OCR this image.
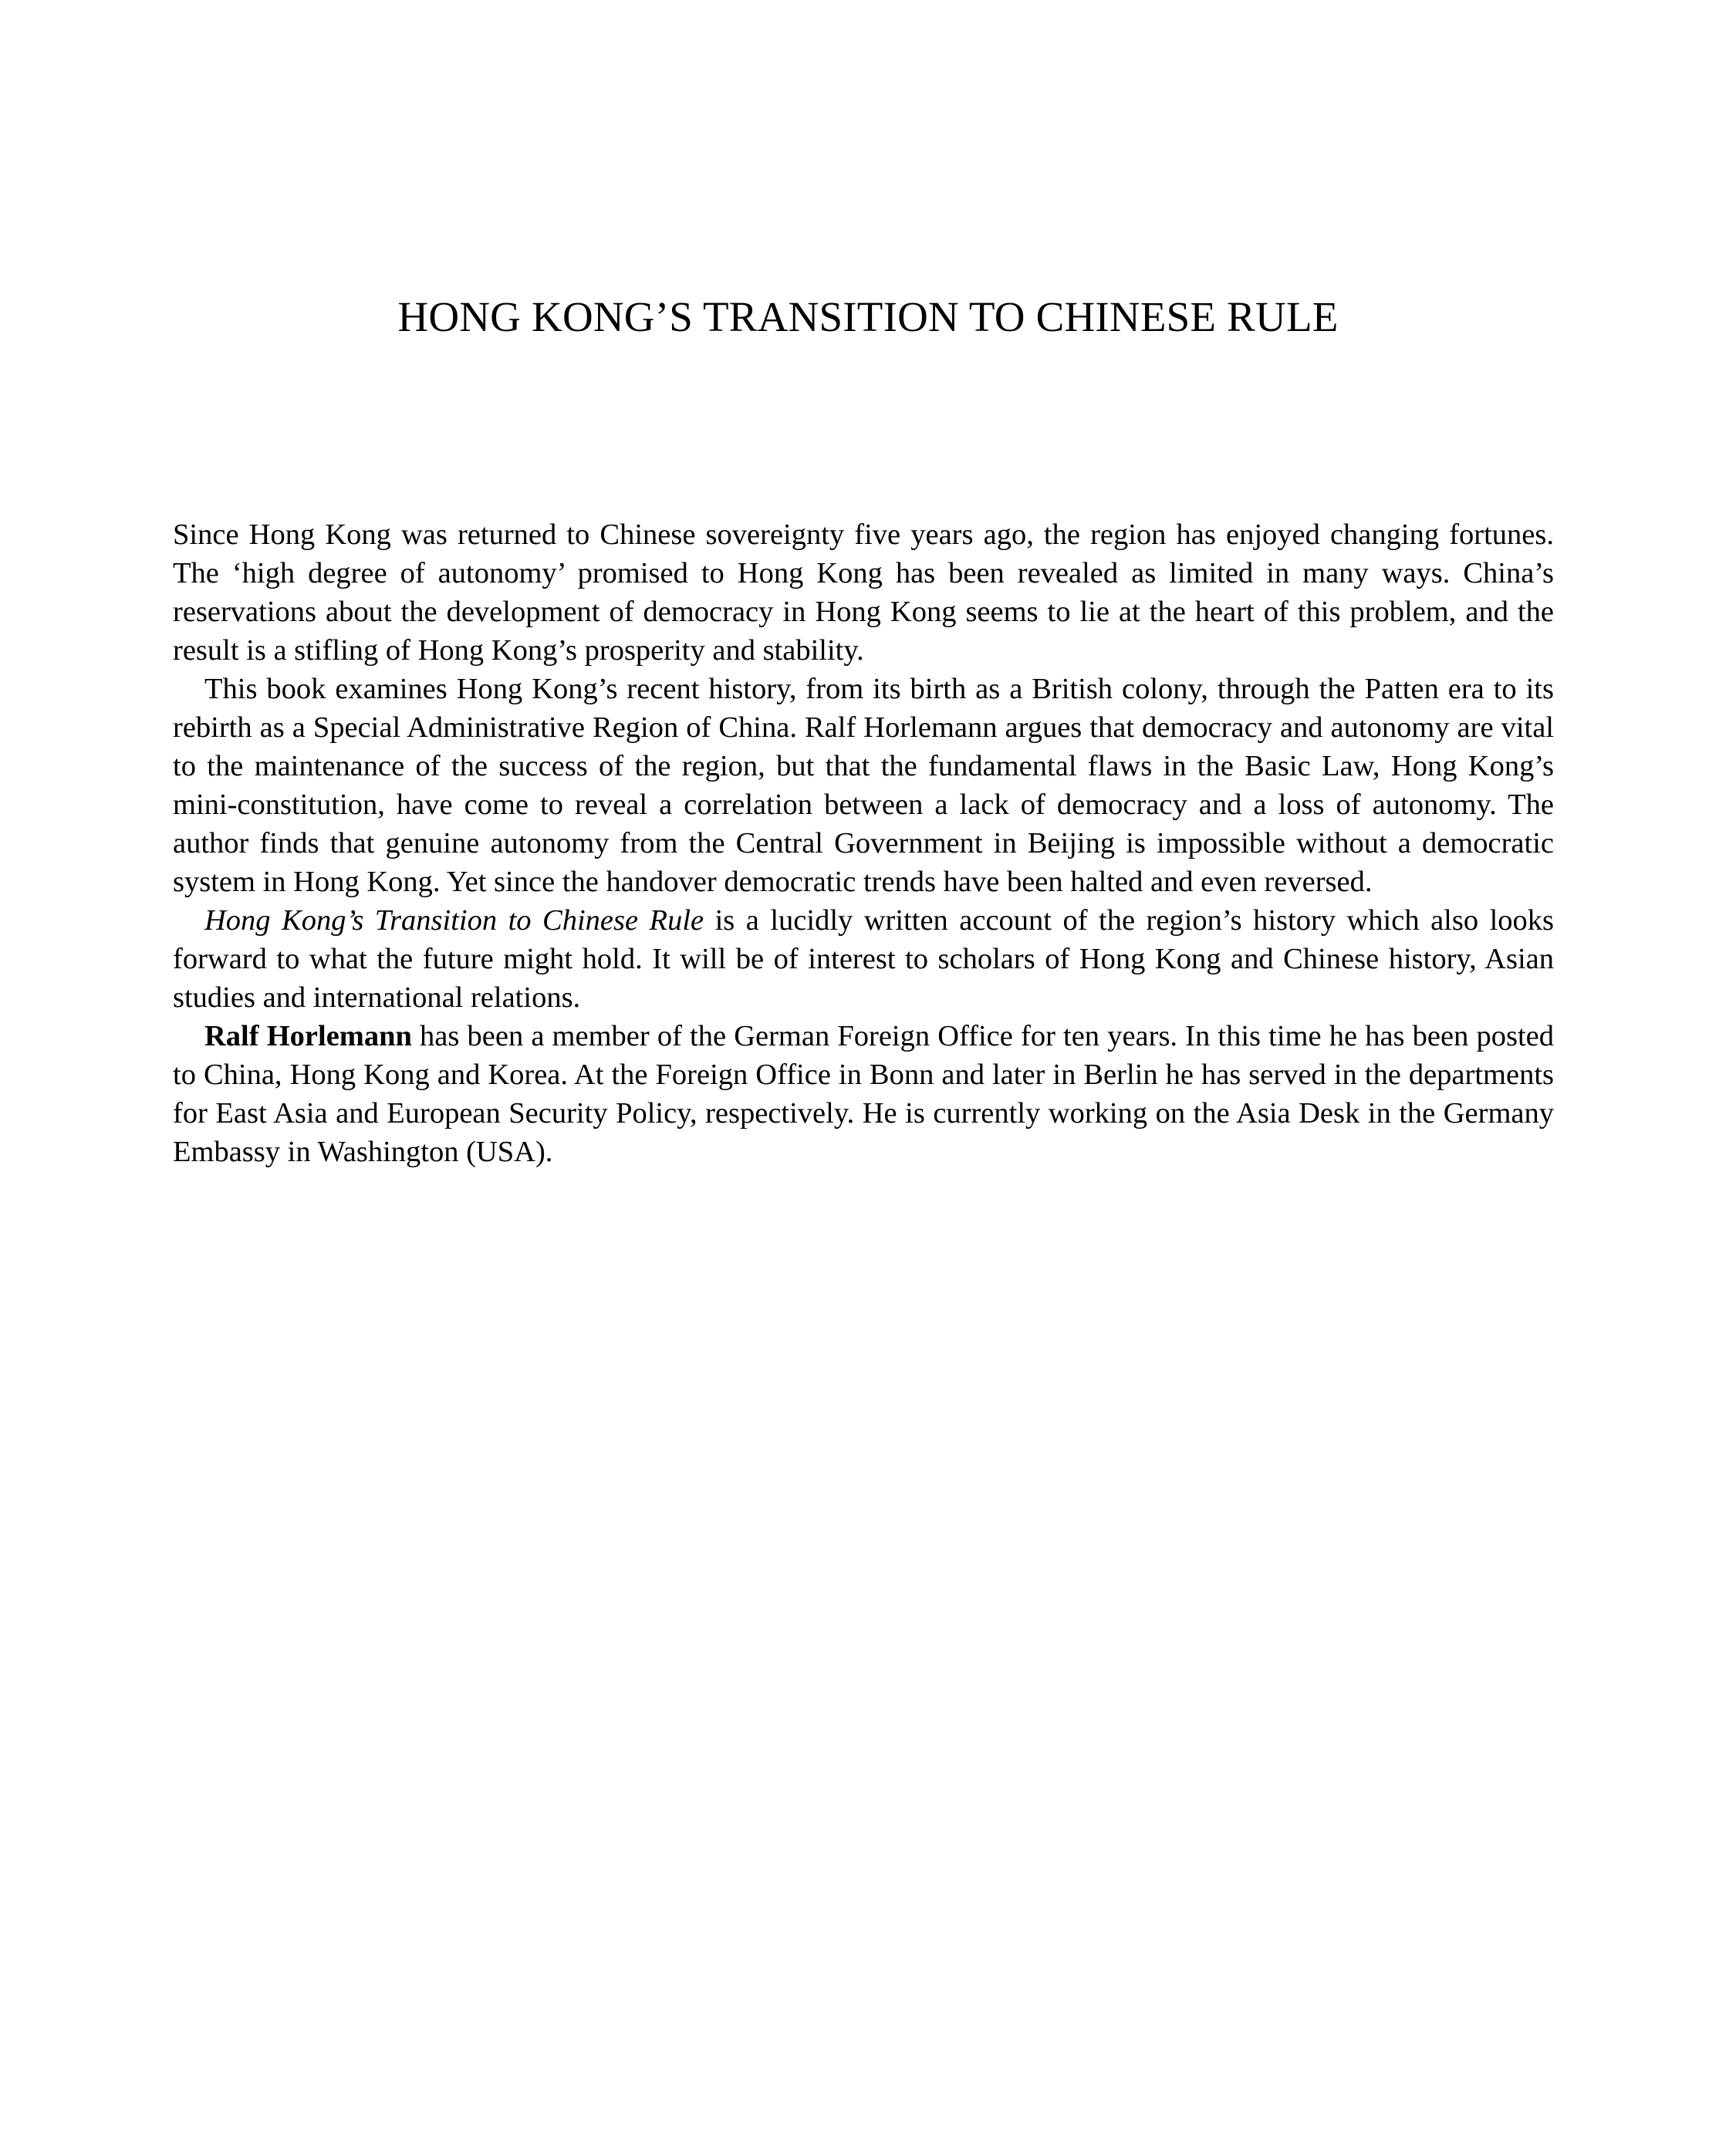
HONG KONG’S TRANSITION TO CHINESE RULE

Since Hong Kong was returned to Chinese sovereignty five years ago, the region has enjoyed changing fortunes. The ‘high degree of autonomy’ promised to Hong Kong has been revealed as limited in many ways. China’s reservations about the development of democracy in Hong Kong seems to lie at the heart of this problem, and the result is a stifling of Hong Kong’s prosperity and stability.

This book examines Hong Kong’s recent history, from its birth as a British colony, through the Patten era to its rebirth as a Special Administrative Region of China. Ralf Horlemann argues that democracy and autonomy are vital to the maintenance of the success of the region, but that the fundamental flaws in the Basic Law, Hong Kong’s mini-constitution, have come to reveal a correlation between a lack of democracy and a loss of autonomy. The author finds that genuine autonomy from the Central Government in Beijing is impossible without a democratic system in Hong Kong. Yet since the handover democratic trends have been halted and even reversed.

Hong Kong’s Transition to Chinese Rule is a lucidly written account of the region’s history which also looks forward to what the future might hold. It will be of interest to scholars of Hong Kong and Chinese history, Asian studies and international relations.

Ralf Horlemann has been a member of the German Foreign Office for ten years. In this time he has been posted to China, Hong Kong and Korea. At the Foreign Office in Bonn and later in Berlin he has served in the departments for East Asia and European Security Policy, respectively. He is currently working on the Asia Desk in the Germany Embassy in Washington (USA).
